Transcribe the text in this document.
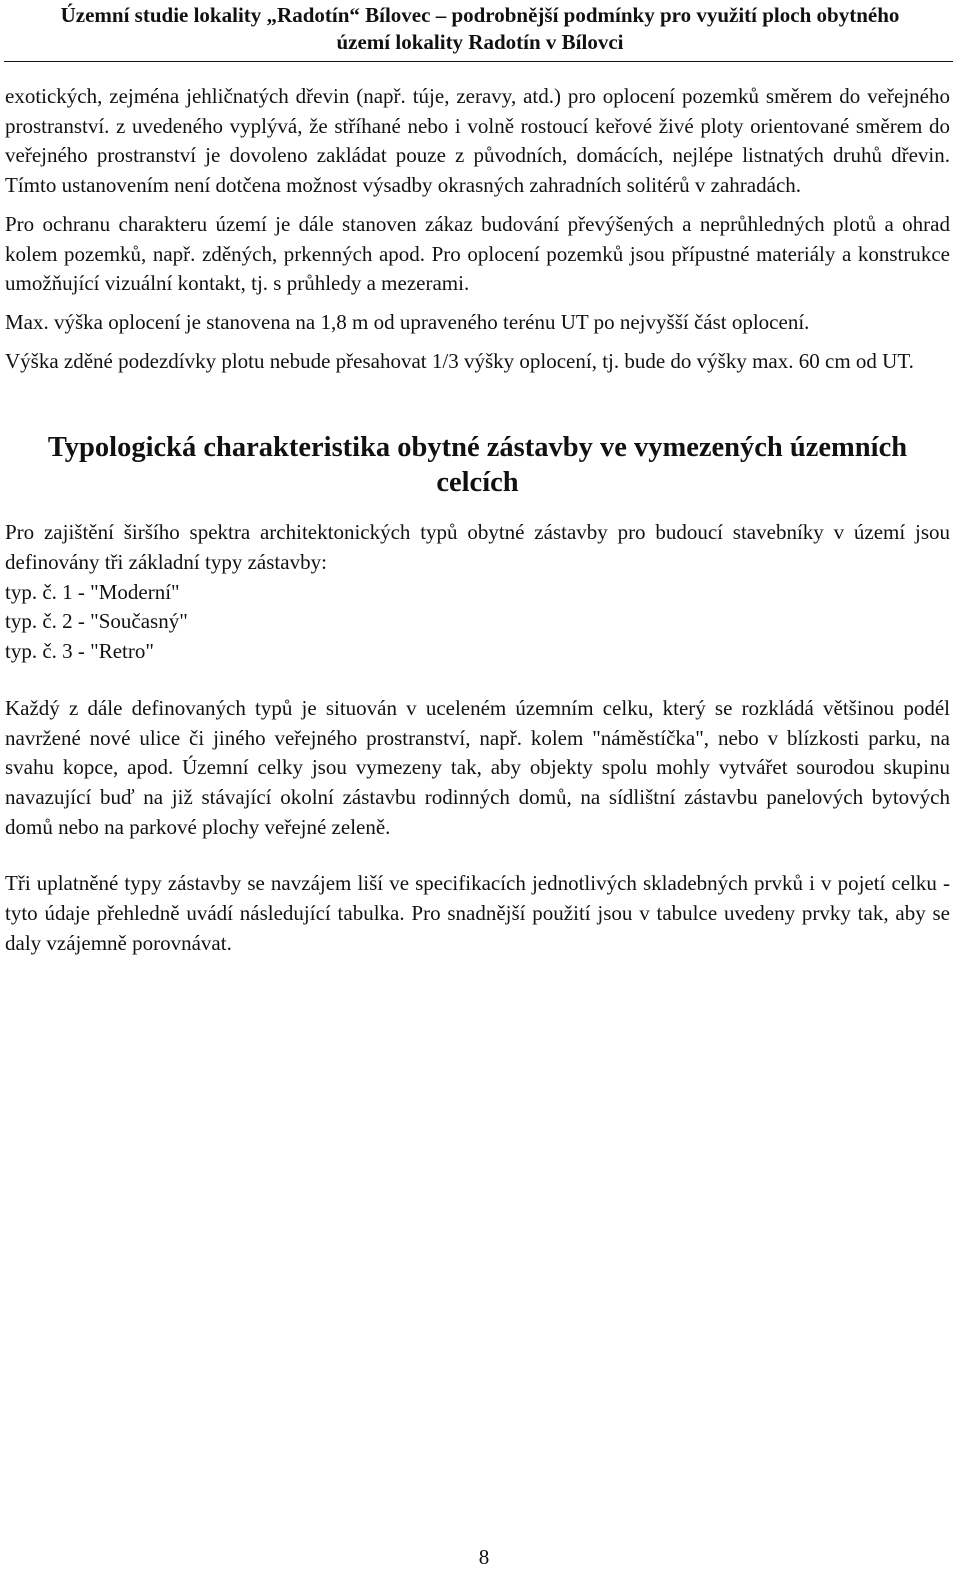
Územní studie lokality „Radotín“ Bílovec – podrobnější podmínky pro využití ploch obytného
území lokality Radotín v Bílovci

exotických, zejména jehličnatých dřevin (např. túje, zeravy, atd.) pro oplocení pozemků směrem do veřejného prostranství. z uvedeného vyplývá, že stříhané nebo i volně rostoucí keřové živé ploty orientované směrem do veřejného prostranství je dovoleno zakládat pouze z původních, domácích, nejlépe listnatých druhů dřevin. Tímto ustanovením není dotčena možnost výsadby okrasných zahradních solitérů v zahradách.

Pro ochranu charakteru území je dále stanoven zákaz budování převýšených a neprůhledných plotů a ohrad kolem pozemků, např. zděných, prkenných apod. Pro oplocení pozemků jsou přípustné materiály a konstrukce umožňující vizuální kontakt, tj. s průhledy a mezerami.

Max. výška oplocení je stanovena na 1,8 m od upraveného terénu UT po nejvyšší část oplocení.

Výška zděné podezdívky plotu nebude přesahovat 1/3 výšky oplocení, tj. bude do výšky max. 60 cm od UT.

Typologická charakteristika obytné zástavby ve vymezených územních celcích

Pro zajištění širšího spektra architektonických typů obytné zástavby pro budoucí stavebníky v území jsou definovány tři základní typy zástavby:

typ. č. 1 - "Moderní"

typ. č. 2 - "Současný"

typ. č. 3 - "Retro"

Každý z dále definovaných typů je situován v uceleném územním celku, který se rozkládá většinou podél navržené nové ulice či jiného veřejného prostranství, např. kolem "náměstíčka", nebo v blízkosti parku, na svahu kopce, apod. Územní celky jsou vymezeny tak, aby objekty spolu mohly vytvářet sourodou skupinu navazující buď na již stávající okolní zástavbu rodinných domů, na sídlištní zástavbu panelových bytových domů nebo na parkové plochy veřejné zeleně.

Tři uplatněné typy zástavby se navzájem liší ve specifikacích jednotlivých skladebných prvků i v pojetí celku - tyto údaje přehledně uvádí následující tabulka. Pro snadnější použití jsou v tabulce uvedeny prvky tak, aby se daly vzájemně porovnávat.

8
